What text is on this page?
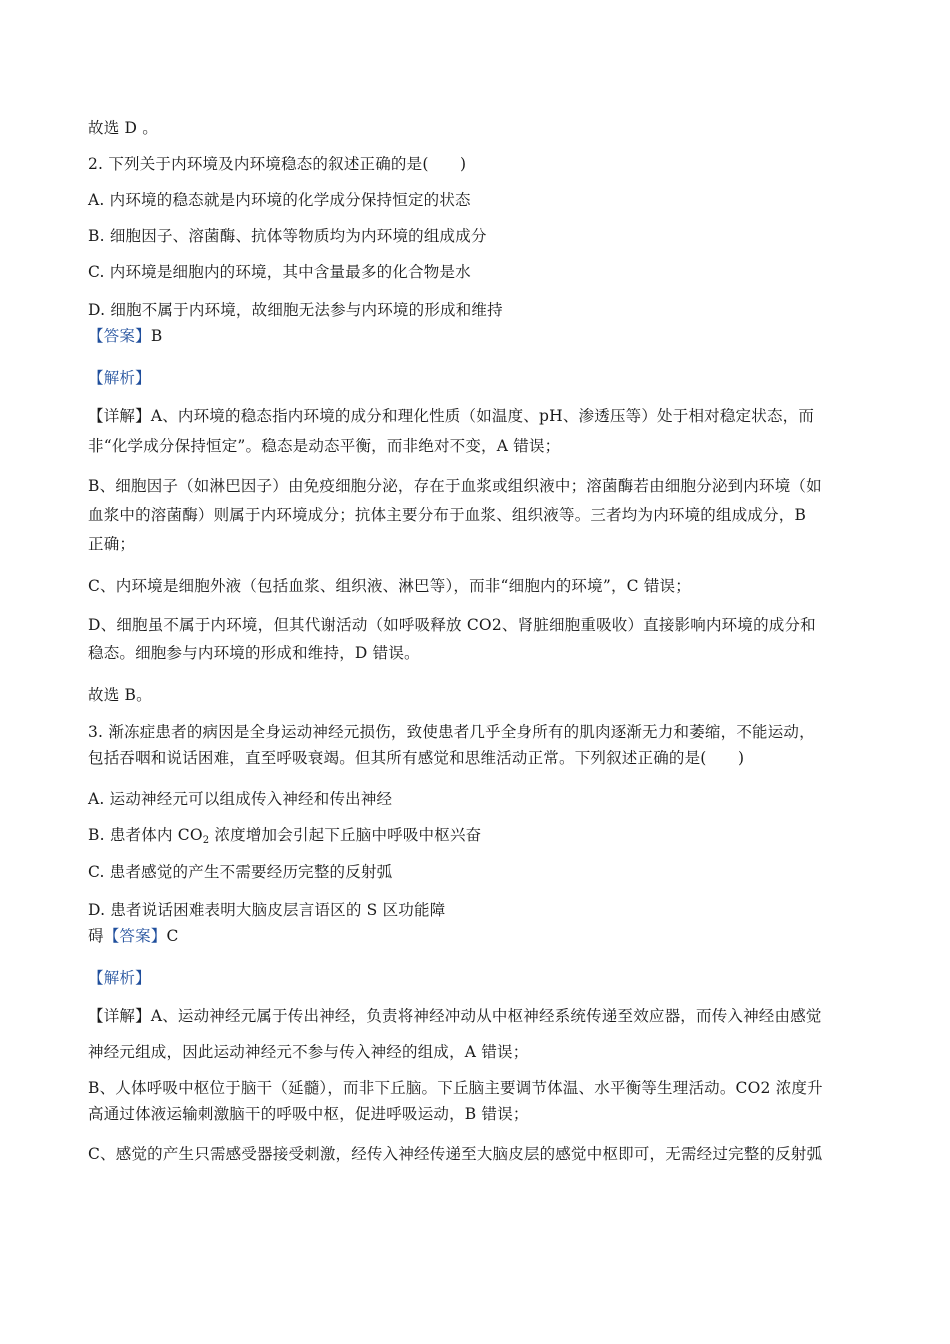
故选 D 。
2. 下列关于内环境及内环境稳态的叙述正确的是(　　)
A. 内环境的稳态就是内环境的化学成分保持恒定的状态
B. 细胞因子、溶菌酶、抗体等物质均为内环境的组成成分
C. 内环境是细胞内的环境，其中含量最多的化合物是水
D. 细胞不属于内环境，故细胞无法参与内环境的形成和维持
【答案】B
【解析】
【详解】A、内环境的稳态指内环境的成分和理化性质（如温度、pH、渗透压等）处于相对稳定状态，而
非“化学成分保持恒定”。稳态是动态平衡，而非绝对不变，A 错误；
B、细胞因子（如淋巴因子）由免疫细胞分泌，存在于血浆或组织液中；溶菌酶若由细胞分泌到内环境（如
血浆中的溶菌酶）则属于内环境成分；抗体主要分布于血浆、组织液等。三者均为内环境的组成成分，B
正确；
C、内环境是细胞外液（包括血浆、组织液、淋巴等），而非“细胞内的环境”，C 错误；
D、细胞虽不属于内环境，但其代谢活动（如呼吸释放 CO2、肾脏细胞重吸收）直接影响内环境的成分和
稳态。细胞参与内环境的形成和维持，D 错误。
故选 B。
3. 渐冻症患者的病因是全身运动神经元损伤，致使患者几乎全身所有的肌肉逐渐无力和萎缩，不能运动，
包括吞咽和说话困难，直至呼吸衰竭。但其所有感觉和思维活动正常。下列叙述正确的是(　　)
A. 运动神经元可以组成传入神经和传出神经
B. 患者体内 $CO_2$ 浓度增加会引起下丘脑中呼吸中枢兴奋
C. 患者感觉的产生不需要经历完整的反射弧
D. 患者说话困难表明大脑皮层言语区的 S 区功能障
碍【答案】C
【解析】
【详解】A、运动神经元属于传出神经，负责将神经冲动从中枢神经系统传递至效应器，而传入神经由感觉
神经元组成，因此运动神经元不参与传入神经的组成，A 错误；
B、人体呼吸中枢位于脑干（延髓），而非下丘脑。下丘脑主要调节体温、水平衡等生理活动。CO2 浓度升
高通过体液运输刺激脑干的呼吸中枢，促进呼吸运动，B 错误；
C、感觉的产生只需感受器接受刺激，经传入神经传递至大脑皮层的感觉中枢即可，无需经过完整的反射弧
